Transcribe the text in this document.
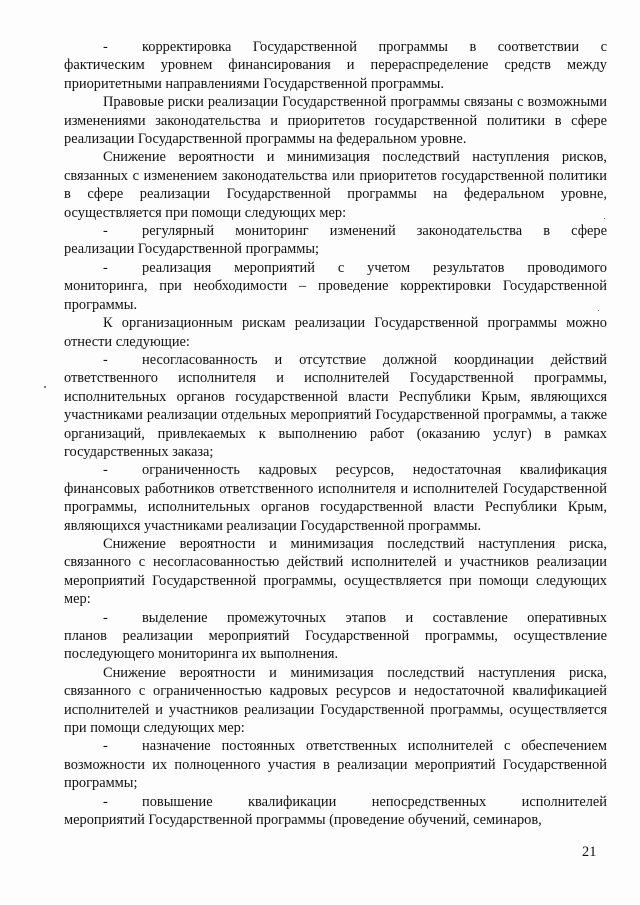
- корректировка Государственной программы в соответствии с
фактическим уровнем финансирования и перераспределение средств между приоритетными направлениями Государственной программы.

Правовые риски реализации Государственной программы связаны с возможными изменениями законодательства и приоритетов государственной политики в сфере реализации Государственной программы на федеральном уровне.

Снижение вероятности и минимизация последствий наступления рисков, связанных с изменением законодательства или приоритетов государственной политики в сфере реализации Государственной программы на федеральном уровне, осуществляется при помощи следующих мер:

- регулярный мониторинг изменений законодательства в сфере
реализации Государственной программы;

- реализация мероприятий с учетом результатов проводимого
мониторинга, при необходимости – проведение корректировки Государственной программы.

К организационным рискам реализации Государственной программы можно отнести следующие:

- несогласованность и отсутствие должной координации действий
ответственного исполнителя и исполнителей Государственной программы, исполнительных органов государственной власти Республики Крым, являющихся участниками реализации отдельных мероприятий Государственной программы, а также организаций, привлекаемых к выполнению работ (оказанию услуг) в рамках государственных заказа;

- ограниченность кадровых ресурсов, недостаточная квалификация
финансовых работников ответственного исполнителя и исполнителей Государственной программы, исполнительных органов государственной власти Республики Крым, являющихся участниками реализации Государственной программы.

Снижение вероятности и минимизация последствий наступления риска, связанного с несогласованностью действий исполнителей и участников реализации мероприятий Государственной программы, осуществляется при помощи следующих мер:

- выделение промежуточных этапов и составление оперативных
планов реализации мероприятий Государственной программы, осуществление последующего мониторинга их выполнения.

Снижение вероятности и минимизация последствий наступления риска, связанного с ограниченностью кадровых ресурсов и недостаточной квалификацией исполнителей и участников реализации Государственной программы, осуществляется при помощи следующих мер:

- назначение постоянных ответственных исполнителей с обеспечением
возможности их полноценного участия в реализации мероприятий Государственной программы;

- повышение квалификации непосредственных исполнителей
мероприятий Государственной программы (проведение обучений, семинаров,

21
